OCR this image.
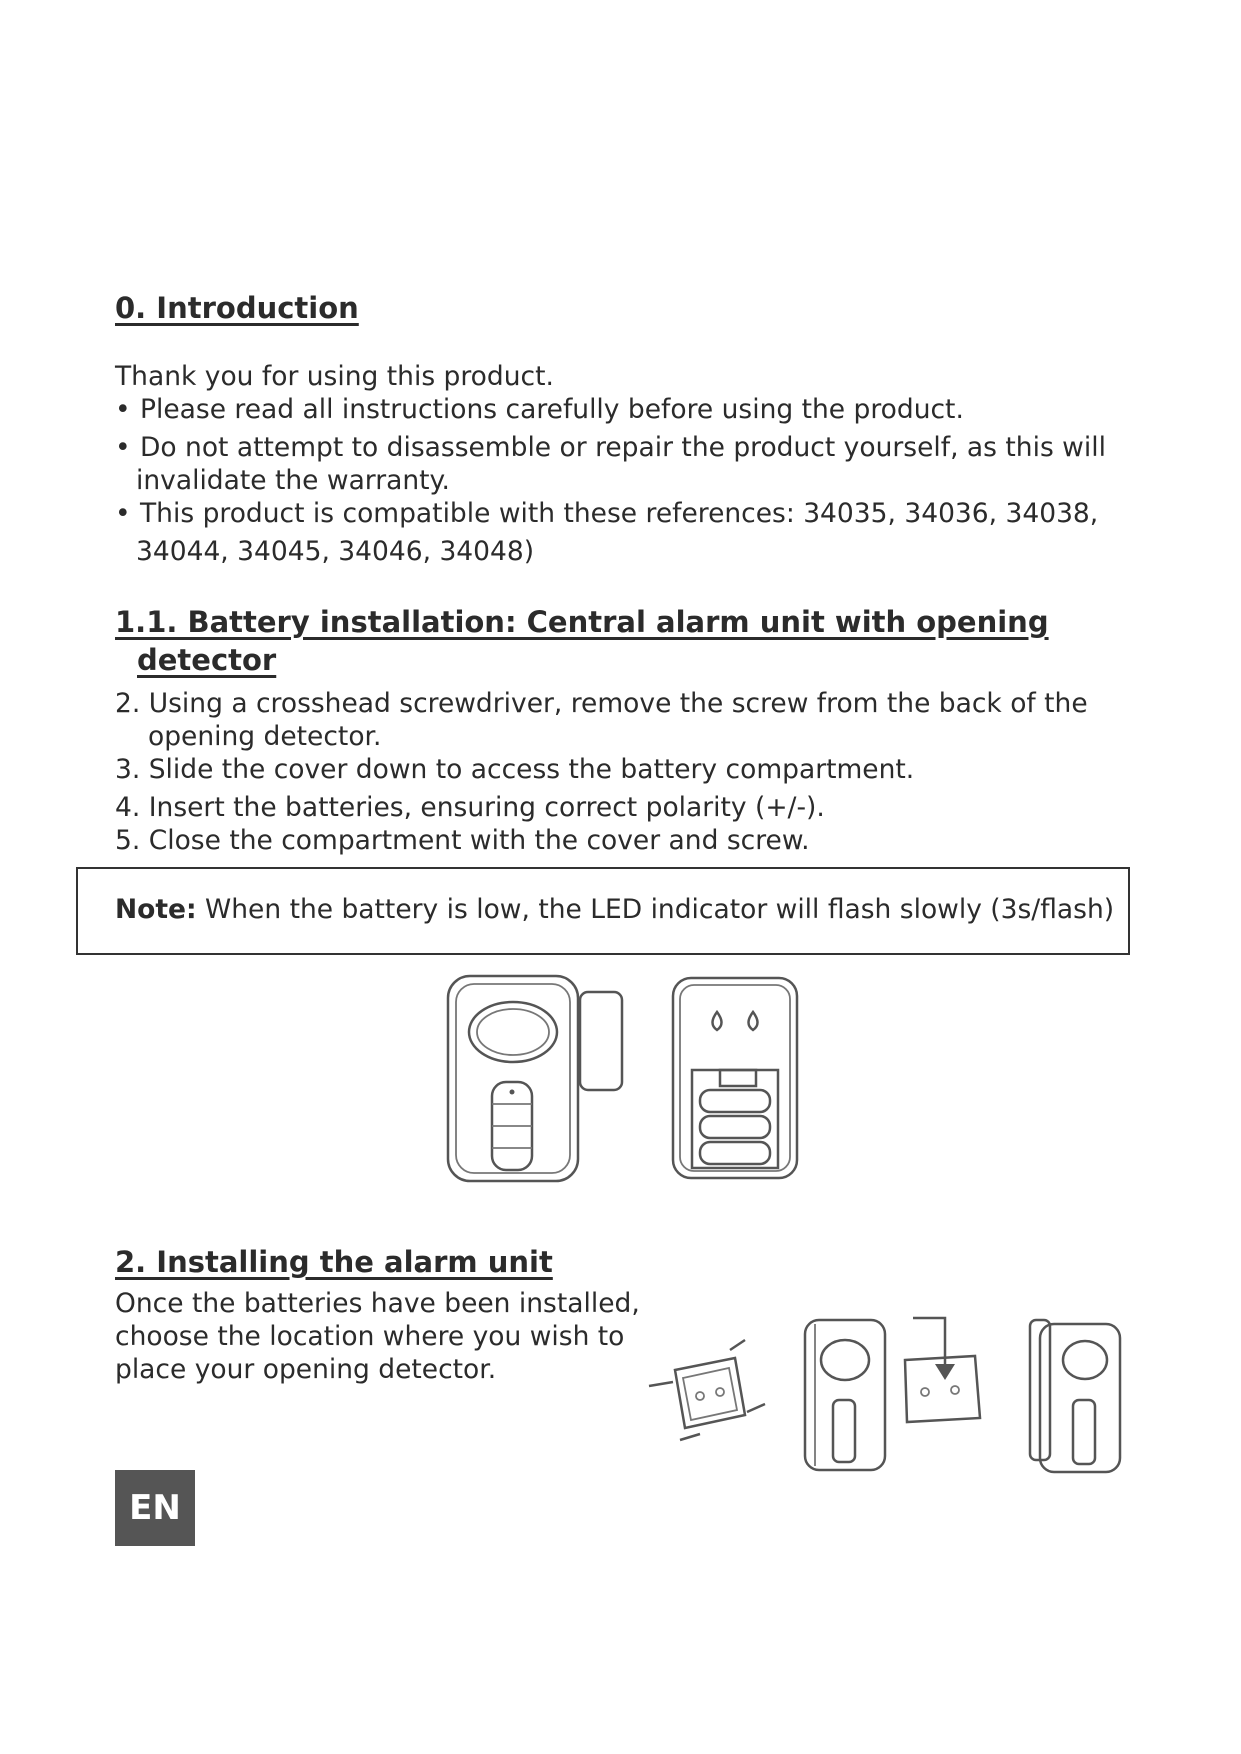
0. Introduction
Thank you for using this product.
• Please read all instructions carefully before using the product.
• Do not attempt to disassemble or repair the product yourself, as this will
invalidate the warranty.
• This product is compatible with these references: 34035, 34036, 34038,
34044, 34045, 34046, 34048)
1.1. Battery installation: Central alarm unit with opening
detector
2. Using a crosshead screwdriver, remove the screw from the back of the
opening detector.
3. Slide the cover down to access the battery compartment.
4. Insert the batteries, ensuring correct polarity (+/-).
5. Close the compartment with the cover and screw.
Note: When the battery is low, the LED indicator will flash slowly (3s/flash)
2. Installing the alarm unit
Once the batteries have been installed,
choose the location where you wish to
place your opening detector.
EN
